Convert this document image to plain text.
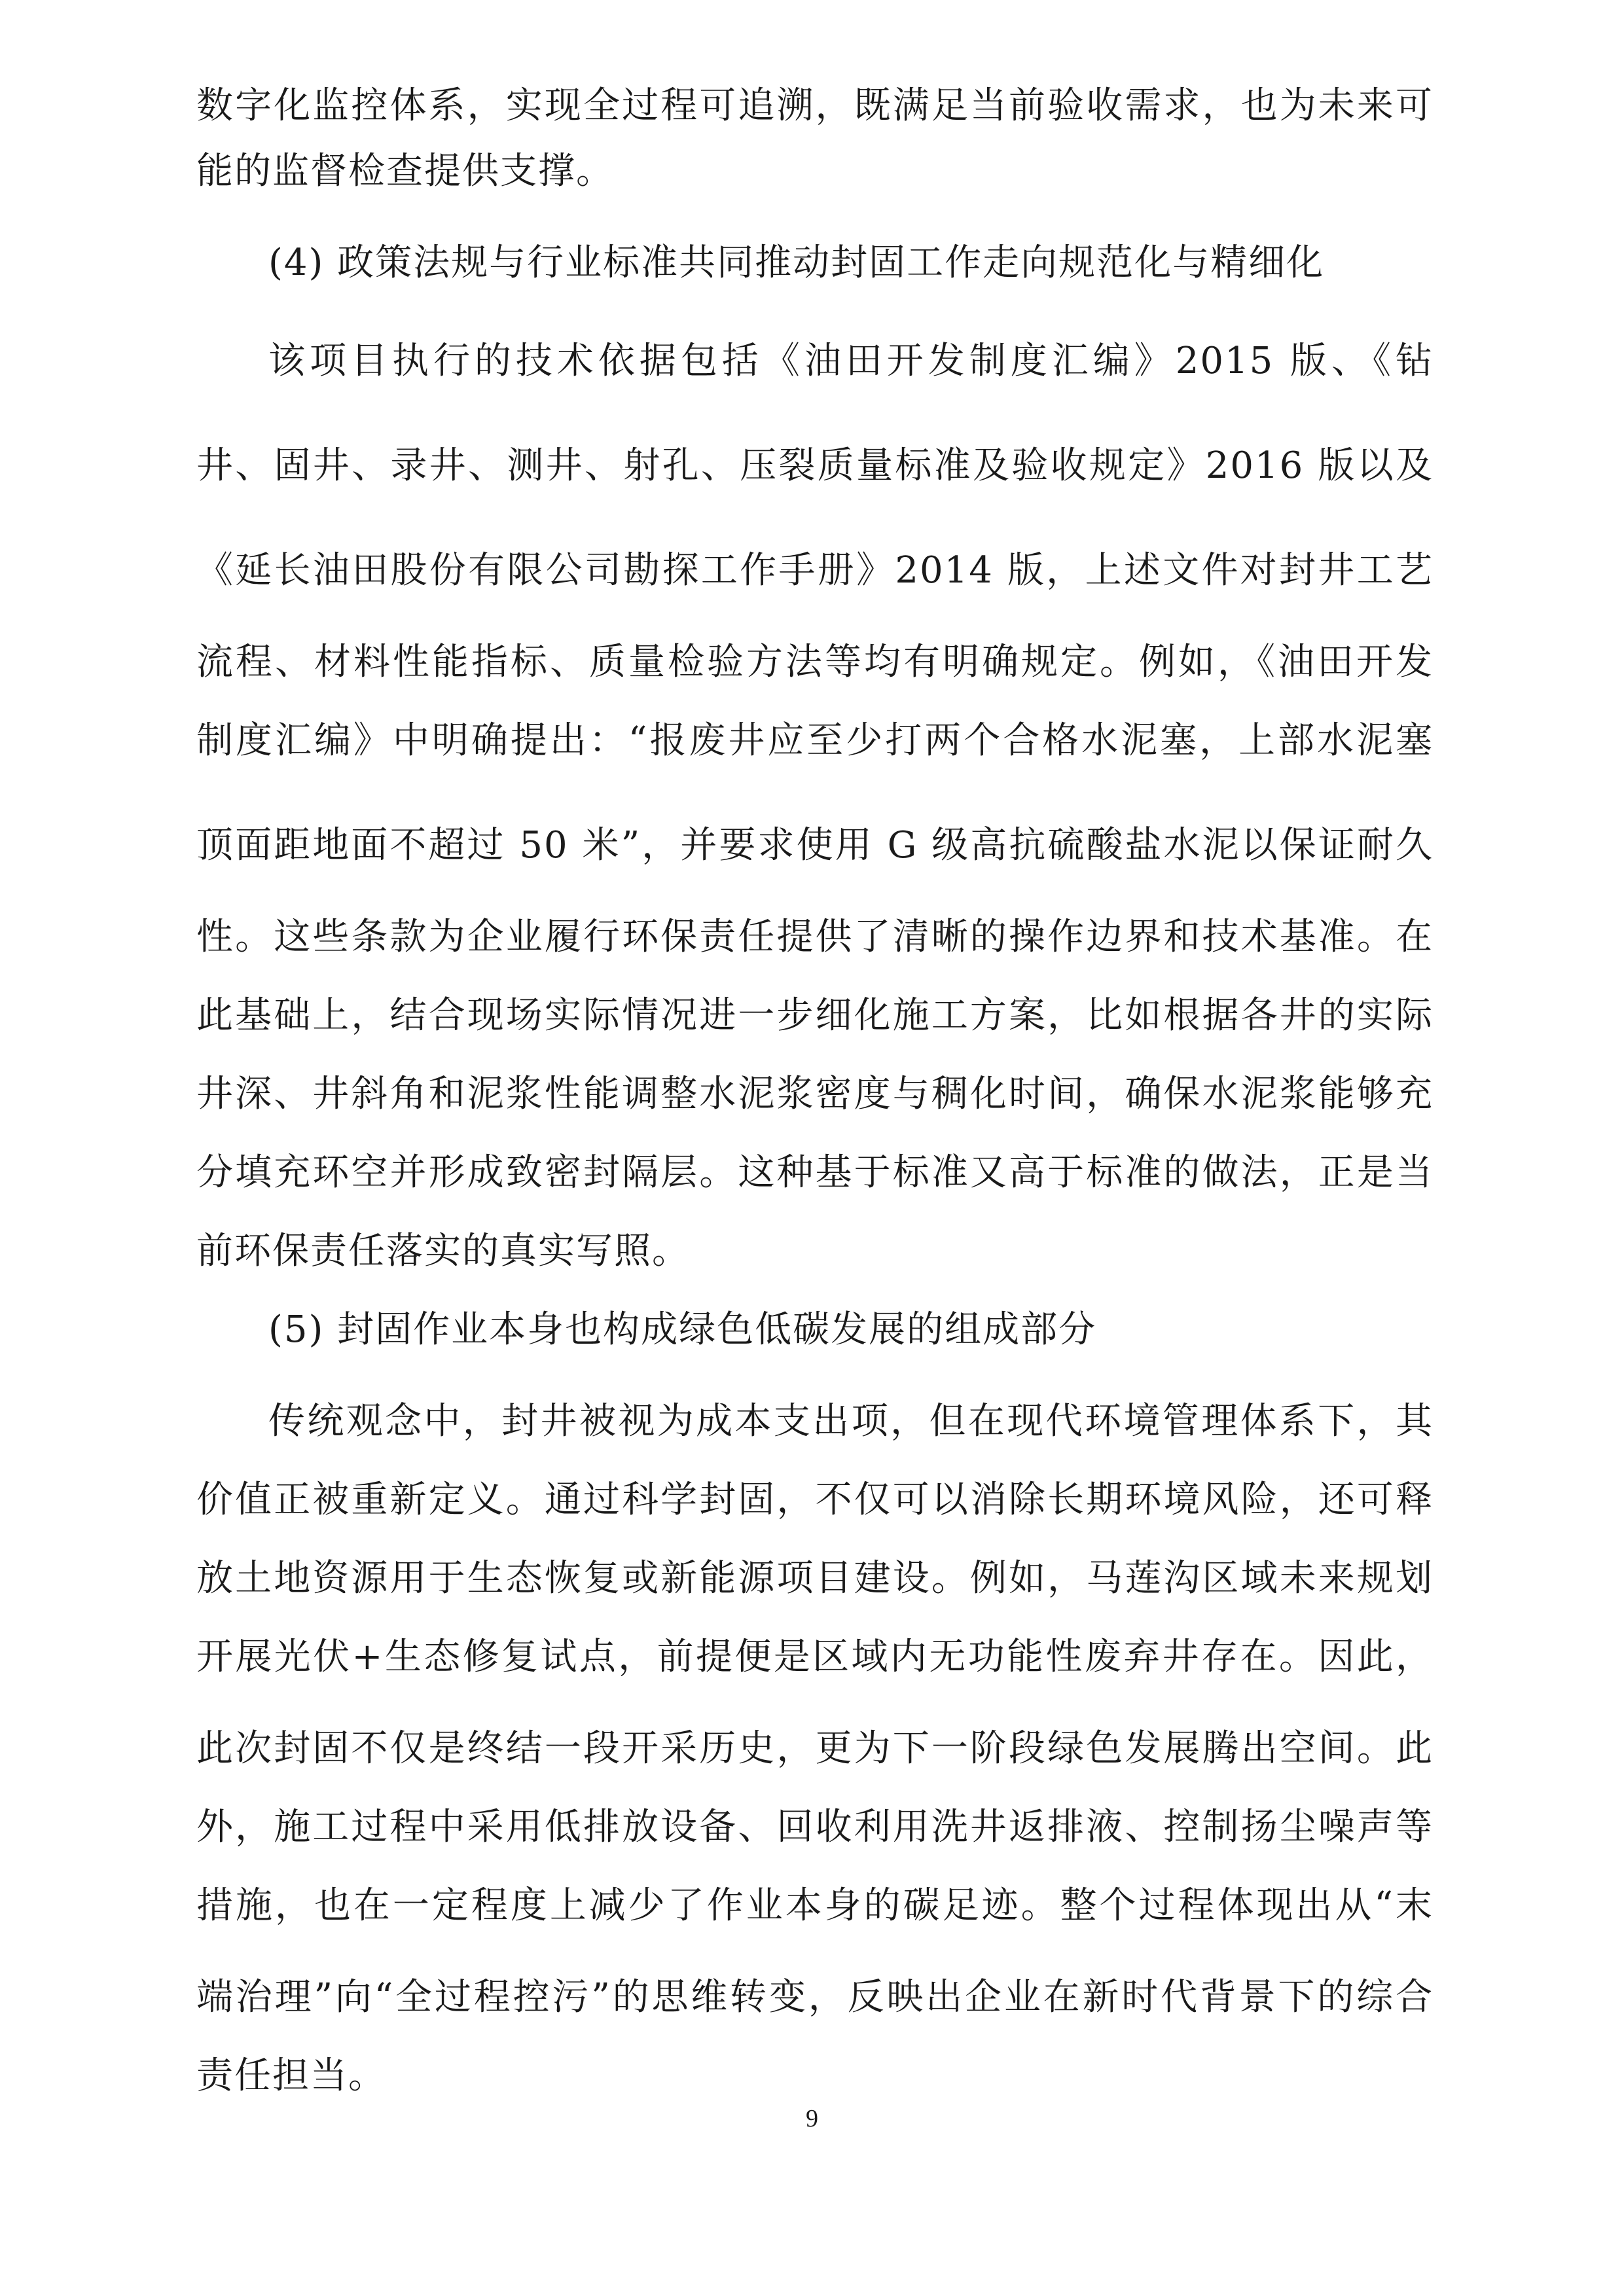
数字化监控体系，实现全过程可追溯，既满足当前验收需求，也为未来可
能的监督检查提供支撑。
(4) 政策法规与行业标准共同推动封固工作走向规范化与精细化
该项目执行的技术依据包括《油田开发制度汇编》2015 版、《钻
井、固井、录井、测井、射孔、压裂质量标准及验收规定》2016 版以及
《延长油田股份有限公司勘探工作手册》2014 版，上述文件对封井工艺
流程、材料性能指标、质量检验方法等均有明确规定。例如，《油田开发
制度汇编》中明确提出：“报废井应至少打两个合格水泥塞，上部水泥塞
顶面距地面不超过 50 米”，并要求使用 G 级高抗硫酸盐水泥以保证耐久
性。这些条款为企业履行环保责任提供了清晰的操作边界和技术基准。在
此基础上，结合现场实际情况进一步细化施工方案，比如根据各井的实际
井深、井斜角和泥浆性能调整水泥浆密度与稠化时间，确保水泥浆能够充
分填充环空并形成致密封隔层。这种基于标准又高于标准的做法，正是当
前环保责任落实的真实写照。
(5) 封固作业本身也构成绿色低碳发展的组成部分
传统观念中，封井被视为成本支出项，但在现代环境管理体系下，其
价值正被重新定义。通过科学封固，不仅可以消除长期环境风险，还可释
放土地资源用于生态恢复或新能源项目建设。例如，马莲沟区域未来规划
开展光伏+生态修复试点，前提便是区域内无功能性废弃井存在。因此，
此次封固不仅是终结一段开采历史，更为下一阶段绿色发展腾出空间。此
外，施工过程中采用低排放设备、回收利用洗井返排液、控制扬尘噪声等
措施，也在一定程度上减少了作业本身的碳足迹。整个过程体现出从“末
端治理”向“全过程控污”的思维转变，反映出企业在新时代背景下的综合
责任担当。
9
